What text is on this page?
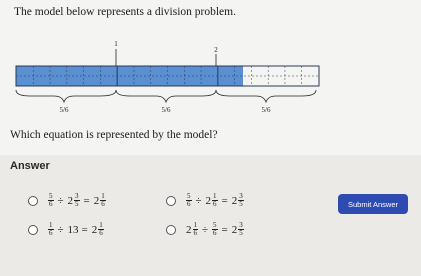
The model below represents a division problem.
1
2
5/6	5/6	5/6
Which equation is represented by the model?
Answer
$\frac{5}{6} \div 2 \frac{3}{5} = 2 \frac{1}{6}$	$\frac{5}{6} \div 2 \frac{1}{6} = 2 \frac{3}{5}$
$\frac{1}{6} \div 13 = 2 \frac{1}{6}$	$2 \frac{1}{6} \div \frac{5}{6} = 2 \frac{3}{5}$
Submit Answer
